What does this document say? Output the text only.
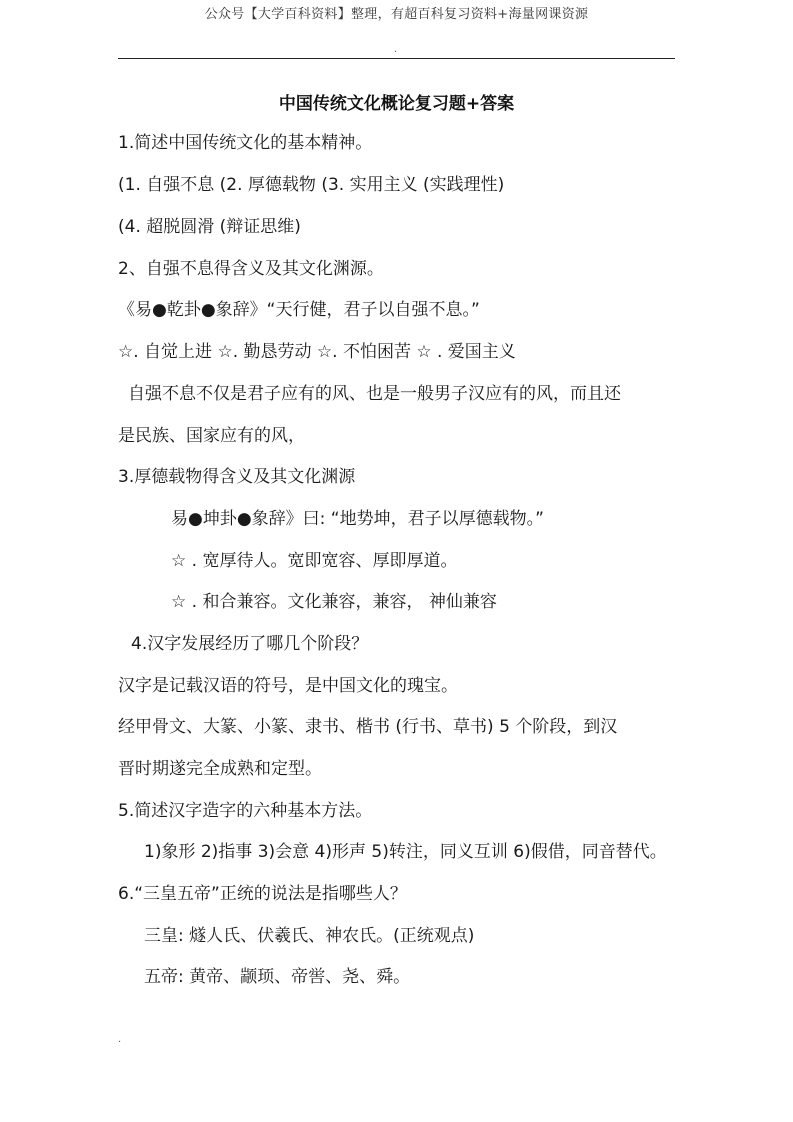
公众号【大学百科资料】整理，有超百科复习资料+海量网课资源
.
中国传统文化概论复习题+答案
1.简述中国传统文化的基本精神。
(1. 自强不息 (2. 厚德载物 (3. 实用主义 (实践理性)
(4. 超脱圆滑 (辩证思维)
2、自强不息得含义及其文化渊源。
《易●乾卦●象辞》“天行健，君子以自强不息。”
☆. 自觉上进 ☆. 勤恳劳动 ☆. 不怕困苦 ☆ . 爱国主义
自强不息不仅是君子应有的风、也是一般男子汉应有的风，而且还
是民族、国家应有的风，
3.厚德载物得含义及其文化渊源
易●坤卦●象辞》曰: “地势坤，君子以厚德载物。”
☆ . 宽厚待人。宽即宽容、厚即厚道。
☆ . 和合兼容。文化兼容，兼容， 神仙兼容
4.汉字发展经历了哪几个阶段？
汉字是记载汉语的符号，是中国文化的瑰宝。
经甲骨文、大篆、小篆、隶书、楷书 (行书、草书) 5 个阶段，到汉
晋时期遂完全成熟和定型。
5.简述汉字造字的六种基本方法。
1)象形 2)指事 3)会意 4)形声 5)转注，同义互训 6)假借，同音替代。
6.“三皇五帝”正统的说法是指哪些人？
三皇: 燧人氏、伏羲氏、神农氏。(正统观点)
五帝: 黄帝、颛顼、帝喾、尧、舜。
.
